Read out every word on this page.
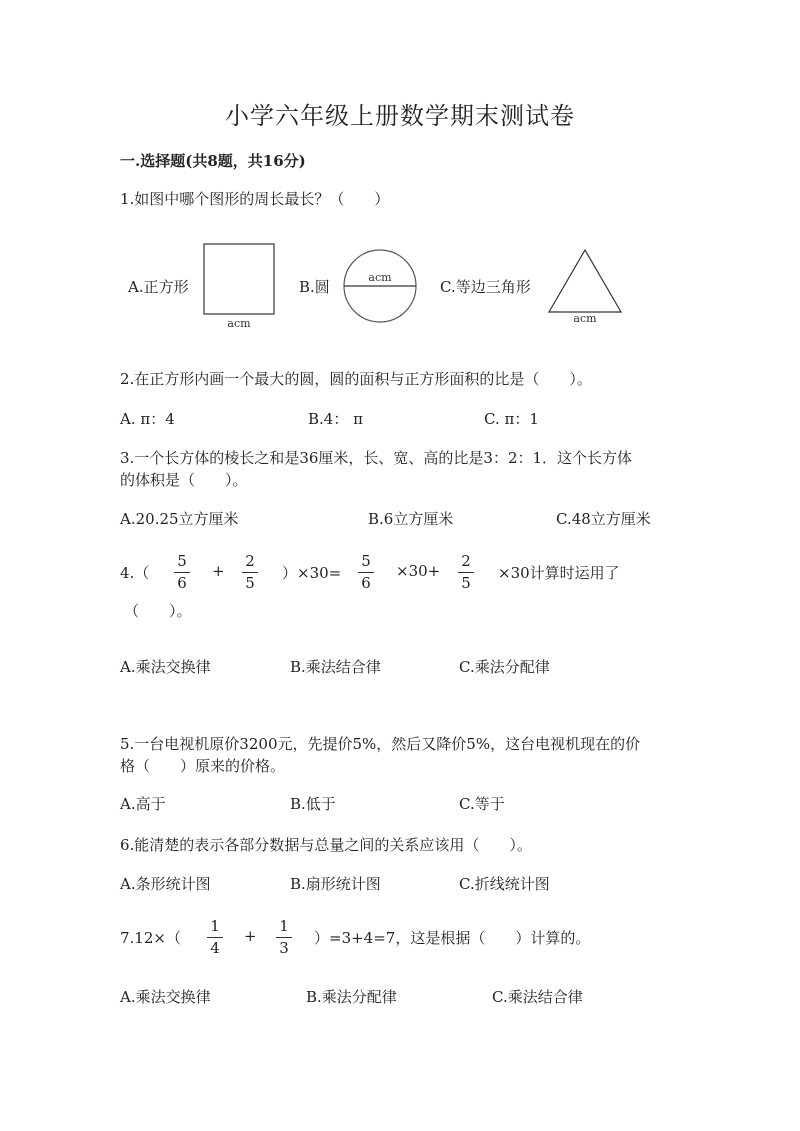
小学六年级上册数学期末测试卷
一.选择题(共8题，共16分)
1.如图中哪个图形的周长最长？（　　）
A.正方形	B.圆	C.等边三角形
acm
acm
acm
2.在正方形内画一个最大的圆，圆的面积与正方形面积的比是（　　）。
A. π：4	B.4： π	C. π：1
3.一个长方体的棱长之和是36厘米，长、宽、高的比是3：2：1．这个长方体
的体积是（　　）。
A.20.25立方厘米	B.6立方厘米	C.48立方厘米
4.（
5
6
+
2
5
）×30=
5
6
×30+
2
5
×30计算时运用了
（　　）。
A.乘法交换律	B.乘法结合律	C.乘法分配律
5.一台电视机原价3200元，先提价5%，然后又降价5%，这台电视机现在的价
格（　　）原来的价格。
A.高于	B.低于	C.等于
6.能清楚的表示各部分数据与总量之间的关系应该用（　　）。
A.条形统计图	B.扇形统计图	C.折线统计图
7.12×（
1
4
+
1
3
）=3+4=7，这是根据（　　）计算的。
A.乘法交换律	B.乘法分配律	C.乘法结合律
